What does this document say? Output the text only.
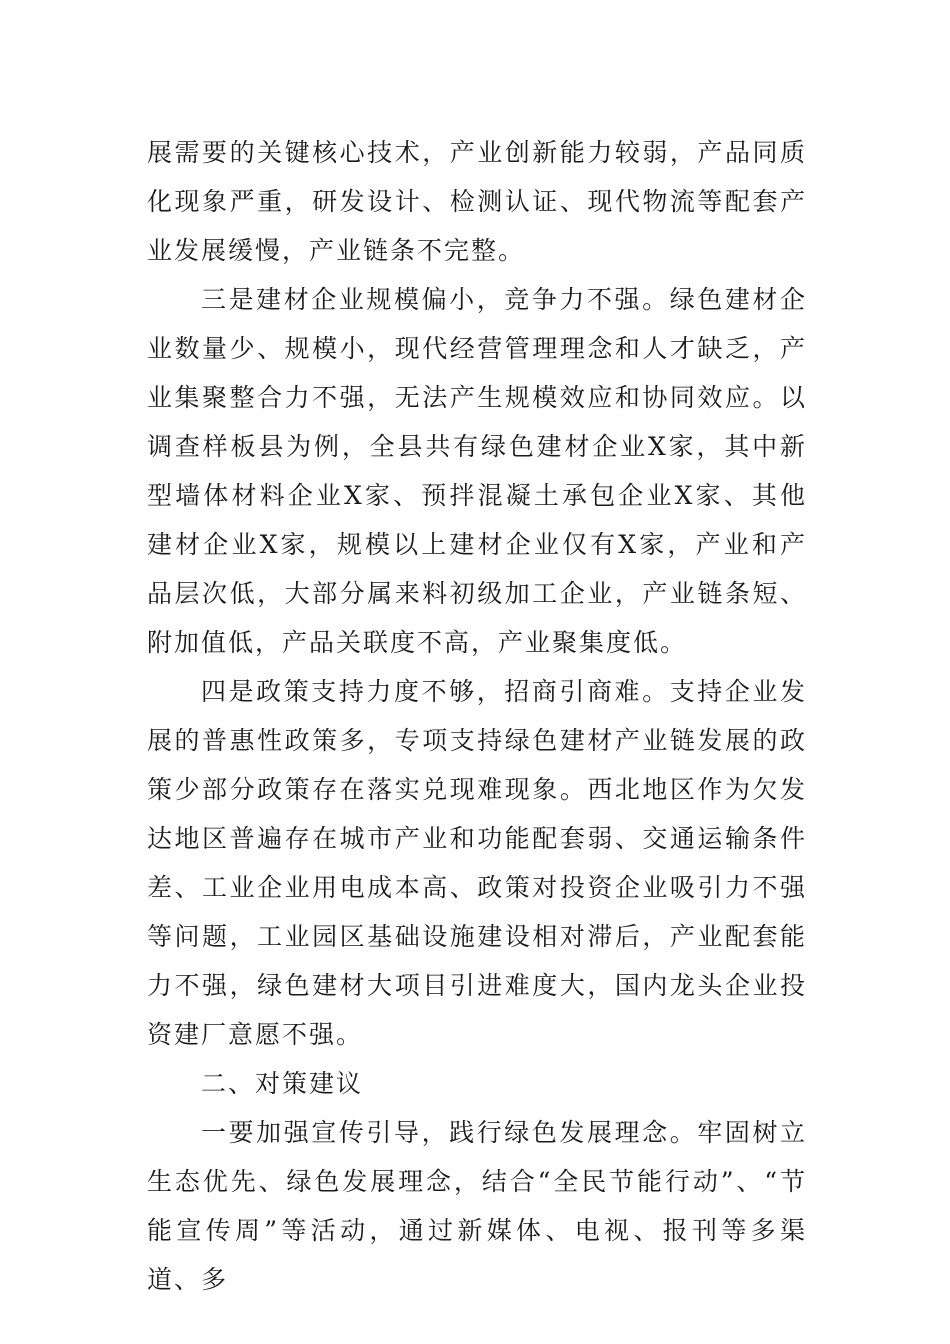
展需要的关键核心技术，产业创新能力较弱，产品同质化现象严重，研发设计、检测认证、现代物流等配套产业发展缓慢，产业链条不完整。

三是建材企业规模偏小，竞争力不强。绿色建材企业数量少、规模小，现代经营管理理念和人才缺乏，产业集聚整合力不强，无法产生规模效应和协同效应。以调查样板县为例，全县共有绿色建材企业X家，其中新型墙体材料企业X家、预拌混凝土承包企业X家、其他建材企业X家，规模以上建材企业仅有X家，产业和产品层次低，大部分属来料初级加工企业，产业链条短、附加值低，产品关联度不高，产业聚集度低。

四是政策支持力度不够，招商引商难。支持企业发展的普惠性政策多，专项支持绿色建材产业链发展的政策少部分政策存在落实兑现难现象。西北地区作为欠发达地区普遍存在城市产业和功能配套弱、交通运输条件差、工业企业用电成本高、政策对投资企业吸引力不强等问题，工业园区基础设施建设相对滞后，产业配套能力不强，绿色建材大项目引进难度大，国内龙头企业投资建厂意愿不强。

二、对策建议

一要加强宣传引导，践行绿色发展理念。牢固树立生态优先、绿色发展理念，结合“全民节能行动”、“节能宣传周”等活动，通过新媒体、电视、报刊等多渠道、多
